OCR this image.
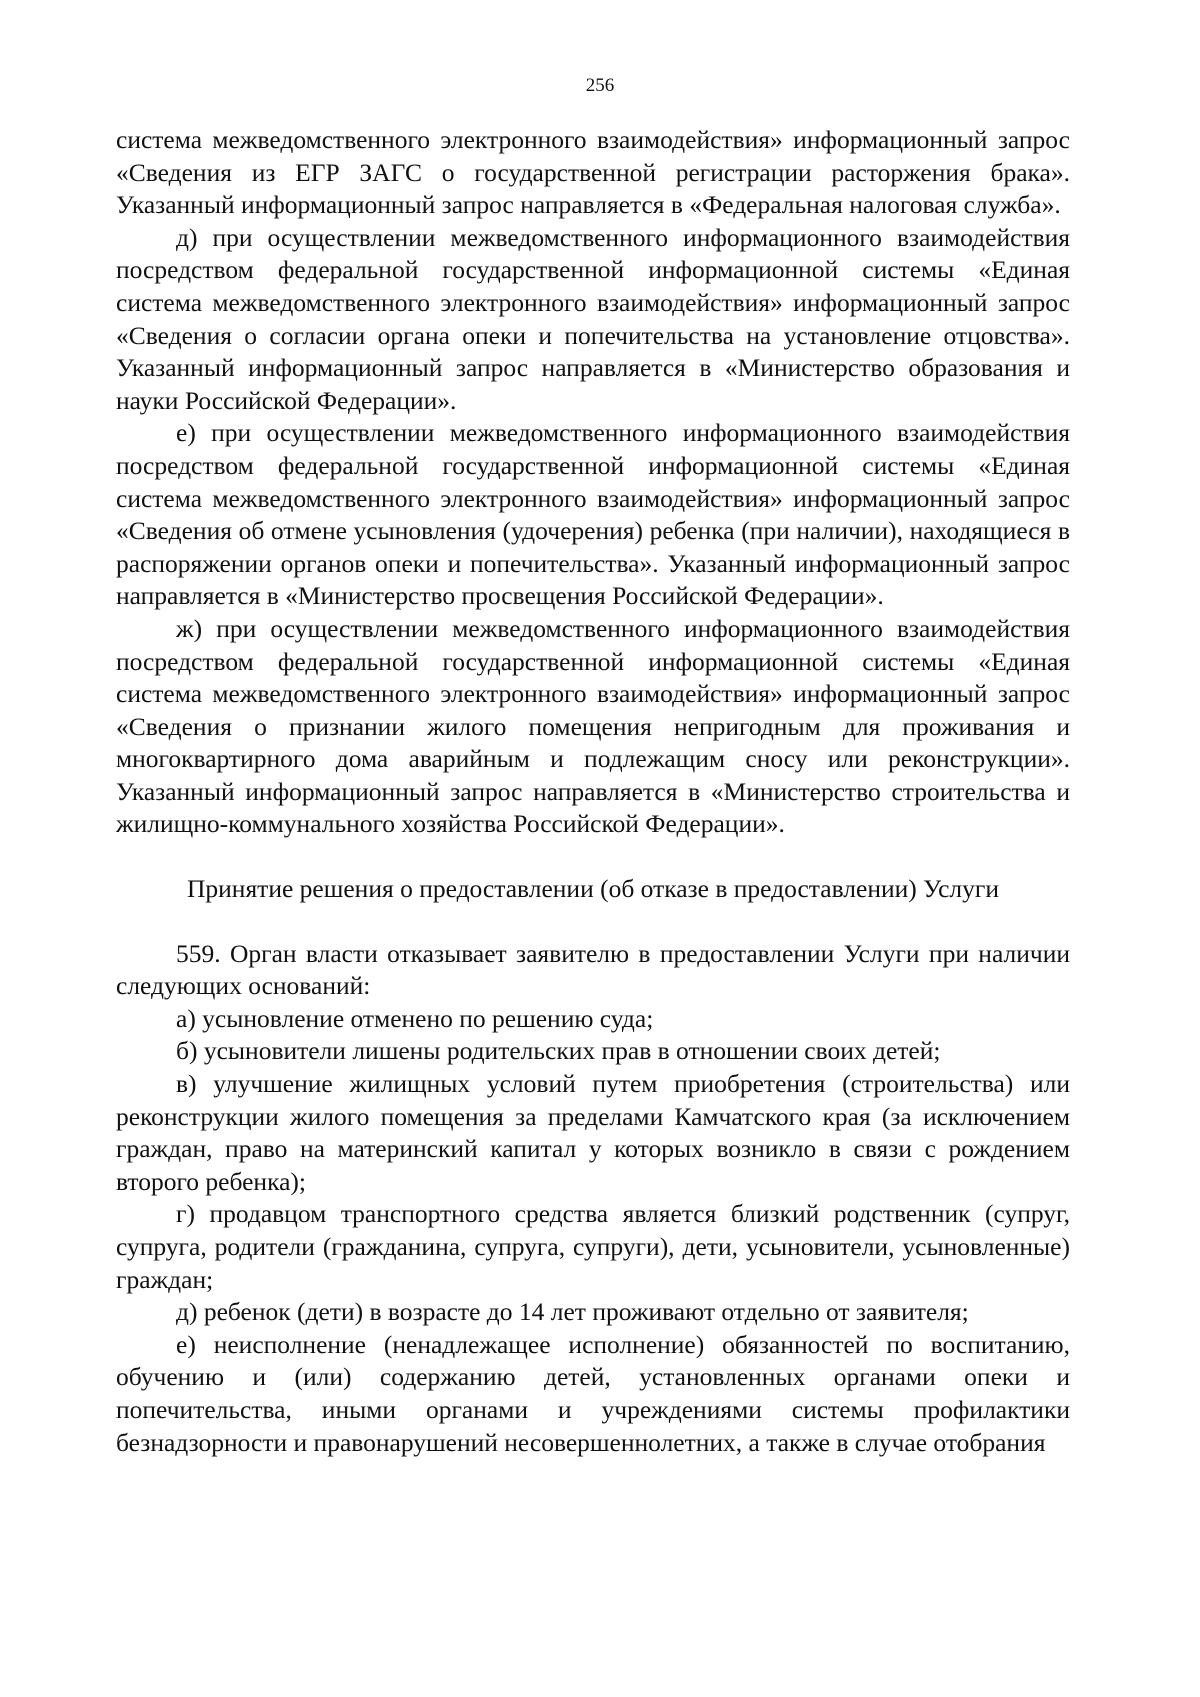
256

система межведомственного электронного взаимодействия» информационный запрос «Сведения из ЕГР ЗАГС о государственной регистрации расторжения брака». Указанный информационный запрос направляется в «Федеральная налоговая служба».

д) при осуществлении межведомственного информационного взаимодействия посредством федеральной государственной информационной системы «Единая система межведомственного электронного взаимодействия» информационный запрос «Сведения о согласии органа опеки и попечительства на установление отцовства». Указанный информационный запрос направляется в «Министерство образования и науки Российской Федерации».

е) при осуществлении межведомственного информационного взаимодействия посредством федеральной государственной информационной системы «Единая система межведомственного электронного взаимодействия» информационный запрос «Сведения об отмене усыновления (удочерения) ребенка (при наличии), находящиеся в распоряжении органов опеки и попечительства». Указанный информационный запрос направляется в «Министерство просвещения Российской Федерации».

ж) при осуществлении межведомственного информационного взаимодействия посредством федеральной государственной информационной системы «Единая система межведомственного электронного взаимодействия» информационный запрос «Сведения о признании жилого помещения непригодным для проживания и многоквартирного дома аварийным и подлежащим сносу или реконструкции». Указанный информационный запрос направляется в «Министерство строительства и жилищно-коммунального хозяйства Российской Федерации».

Принятие решения о предоставлении (об отказе в предоставлении) Услуги

559. Орган власти отказывает заявителю в предоставлении Услуги при наличии следующих оснований:

а) усыновление отменено по решению суда;

б) усыновители лишены родительских прав в отношении своих детей;

в) улучшение жилищных условий путем приобретения (строительства) или реконструкции жилого помещения за пределами Камчатского края (за исключением граждан, право на материнский капитал у которых возникло в связи с рождением второго ребенка);

г) продавцом транспортного средства является близкий родственник (супруг, супруга, родители (гражданина, супруга, супруги), дети, усыновители, усыновленные) граждан;

д) ребенок (дети) в возрасте до 14 лет проживают отдельно от заявителя;

е) неисполнение (ненадлежащее исполнение) обязанностей по воспитанию, обучению и (или) содержанию детей, установленных органами опеки и попечительства, иными органами и учреждениями системы профилактики безнадзорности и правонарушений несовершеннолетних, а также в случае отобрания
